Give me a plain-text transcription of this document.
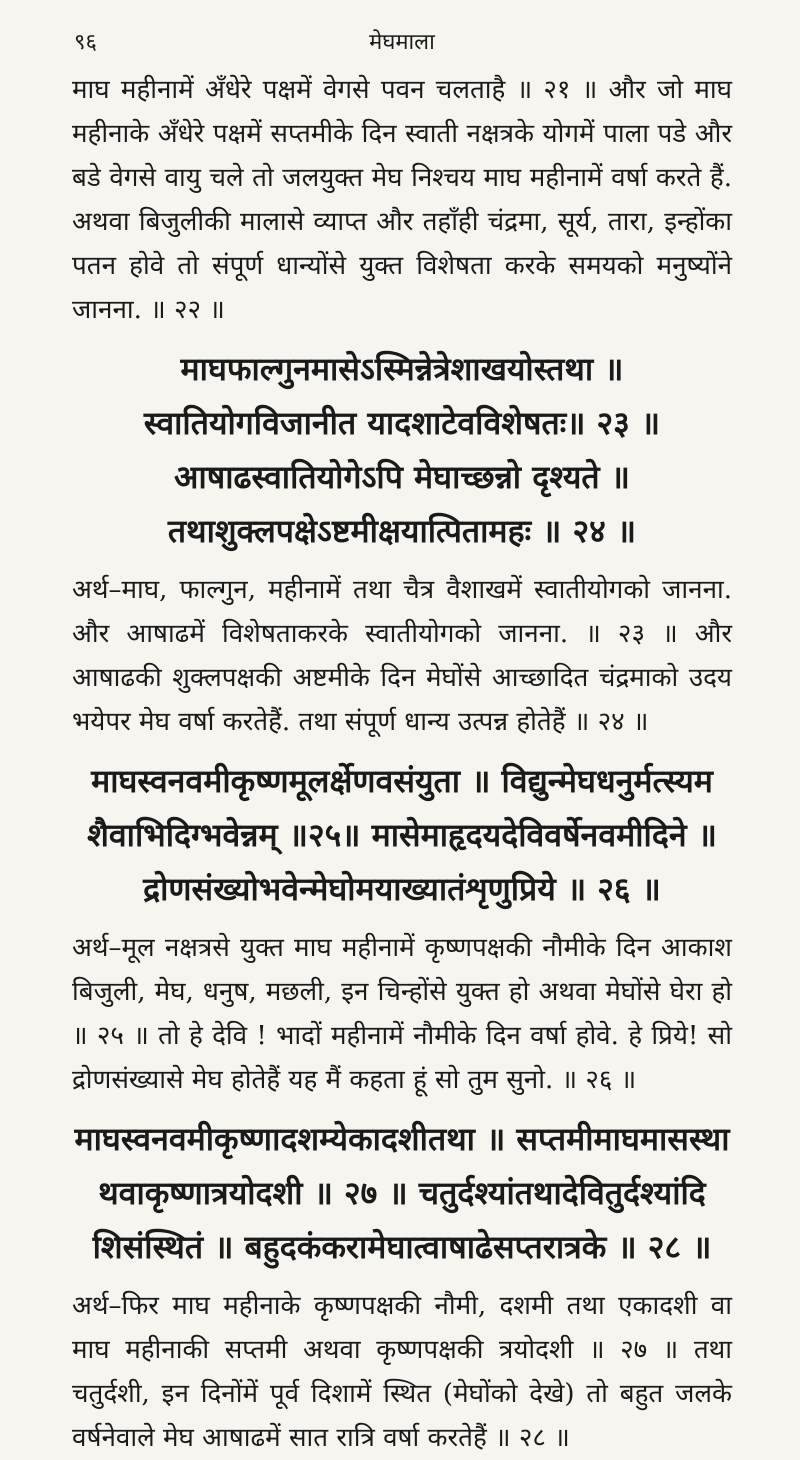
९६	मेघमाला

माघ महीनामें अँधेरे पक्षमें वेगसे पवन चलताहै ॥ २१ ॥ और जो माघ महीनाके अँधेरे पक्षमें सप्तमीके दिन स्वाती नक्षत्रके योगमें पाला पडे और बडे वेगसे वायु चले तो जलयुक्त मेघ निश्चय माघ महीनामें वर्षा करते हैं. अथवा बिजुलीकी मालासे व्याप्त और तहाँही चंद्रमा, सूर्य, तारा, इन्होंका पतन होवे तो संपूर्ण धान्योंसे युक्त विशेषता करके समयको मनुष्योंने जानना. ॥ २२ ॥

माघफाल्गुनमासेऽस्मिन्नेत्रेशाखयोस्तथा ॥ स्वातियोगविजानीत यादशाटेवविशेषतः॥ २३ ॥ आषाढस्वातियोगेऽपि मेघाच्छन्नो दृश्यते ॥ तथाशुक्लपक्षेऽष्टमीक्षयात्पितामहः ॥ २४ ॥

अर्थ–माघ, फाल्गुन, महीनामें तथा चैत्र वैशाखमें स्वातीयोगको जानना. और आषाढमें विशेषताकरके स्वातीयोगको जानना. ॥ २३ ॥ और आषाढकी शुक्लपक्षकी अष्टमीके दिन मेघोंसे आच्छादित चंद्रमाको उदय भयेपर मेघ वर्षा करतेहैं. तथा संपूर्ण धान्य उत्पन्न होतेहैं ॥ २४ ॥

माघस्वनवमीकृष्णमूलर्क्षेणवसंयुता ॥ विद्युन्मेघधनुर्मत्स्यम शैवाभिदिग्भवेन्नम् ॥२५॥ मासेमाहृदयदेविवर्षेनवमीदिने ॥ द्रोणसंख्योभवेन्मेघोमयाख्यातंशृणुप्रिये ॥ २६ ॥

अर्थ–मूल नक्षत्रसे युक्त माघ महीनामें कृष्णपक्षकी नौमीके दिन आकाश बिजुली, मेघ, धनुष, मछली, इन चिन्होंसे युक्त हो अथवा मेघोंसे घेरा हो ॥ २५ ॥ तो हे देवि ! भादों महीनामें नौमीके दिन वर्षा होवे. हे प्रिये! सो द्रोणसंख्यासे मेघ होतेहैं यह मैं कहता हूं सो तुम सुनो. ॥ २६ ॥

माघस्वनवमीकृष्णादशम्येकादशीतथा ॥ सप्तमीमाघमासस्था थवाकृष्णात्रयोदशी ॥ २७ ॥ चतुर्दश्यांतथादेवितुर्दश्यांदि शिसंस्थितं ॥ बहुदकंकरामेघात्वाषाढेसप्तरात्रके ॥ २८ ॥

अर्थ–फिर माघ महीनाके कृष्णपक्षकी नौमी, दशमी तथा एकादशी वा माघ महीनाकी सप्तमी अथवा कृष्णपक्षकी त्रयोदशी ॥ २७ ॥ तथा चतुर्दशी, इन दिनोंमें पूर्व दिशामें स्थित (मेघोंको देखे) तो बहुत जलके वर्षनेवाले मेघ आषाढमें सात रात्रि वर्षा करतेहैं ॥ २८ ॥
